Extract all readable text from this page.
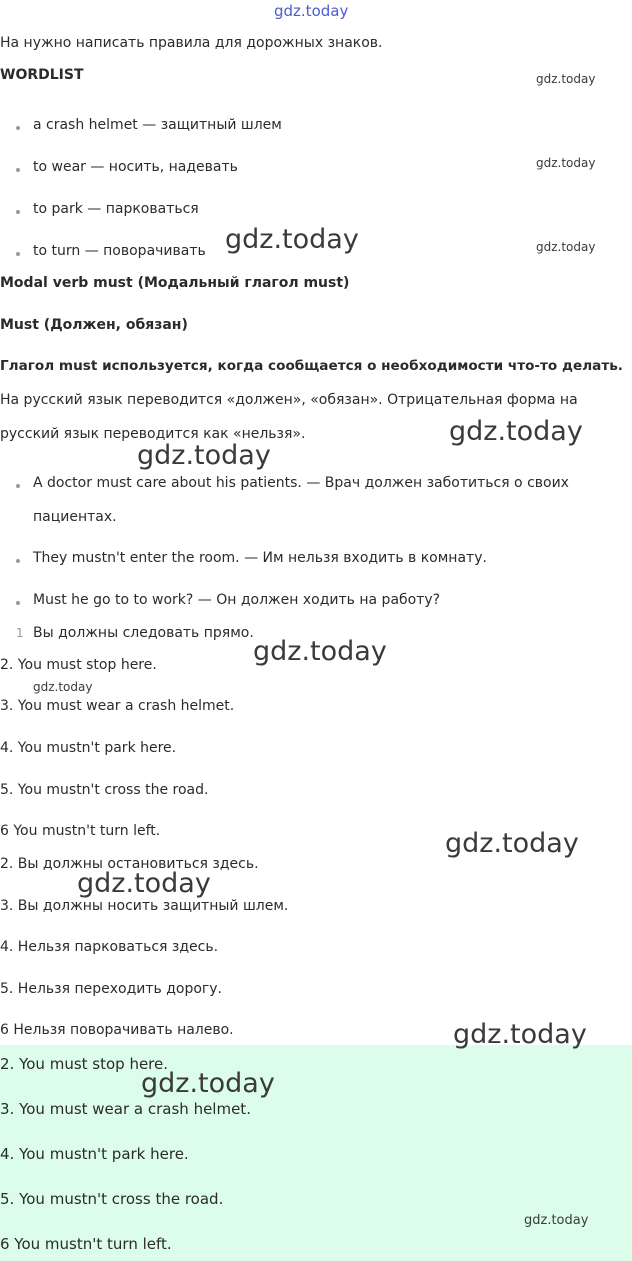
gdz.today
На нужно написать правила для дорожных знаков.
WORDLIST	gdz.today
a crash helmet — защитный шлем
to wear — носить, надевать
to park — парковаться
to turn — поворачивать
gdz.today
gdz.today	gdz.today
Modal verb must (Модальный глагол must)
Must (Должен, обязан)
Глагол must используется, когда сообщается о необходимости что-то делать.
На русский язык переводится «должен», «обязан». Отрицательная форма на
русский язык переводится как «нельзя».	gdz.today
gdz.today
A doctor must care about his patients. — Врач должен заботиться о своих
пациентах.
They mustn't enter the room. — Им нельзя входить в комнату.
Must he go to to work? — Он должен ходить на работу?
1 Вы должны следовать прямо.
gdz.today
2. You must stop here.
gdz.today
3. You must wear a crash helmet.
4. You mustn't park here.
5. You mustn't cross the road.
6 You mustn't turn left.	gdz.today
2. Вы должны остановиться здесь.
gdz.today
3. Вы должны носить защитный шлем.
4. Нельзя парковаться здесь.
5. Нельзя переходить дорогу.
6 Нельзя поворачивать налево.	gdz.today
2. You must stop here.
gdz.today
3. You must wear a crash helmet.
4. You mustn't park here.
5. You mustn't cross the road.
gdz.today
6 You mustn't turn left.
